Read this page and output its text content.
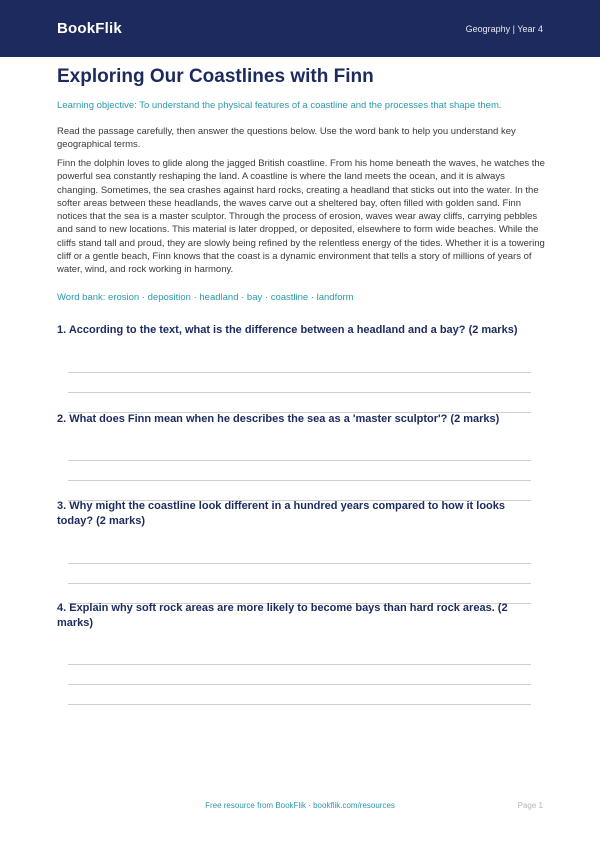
BookFlik	Geography | Year 4
Exploring Our Coastlines with Finn

Learning objective: To understand the physical features of a coastline and the processes that shape them.

Read the passage carefully, then answer the questions below. Use the word bank to help you understand key geographical terms.

Finn the dolphin loves to glide along the jagged British coastline. From his home beneath the waves, he watches the powerful sea constantly reshaping the land. A coastline is where the land meets the ocean, and it is always changing. Sometimes, the sea crashes against hard rocks, creating a headland that sticks out into the water. In the softer areas between these headlands, the waves carve out a sheltered bay, often filled with golden sand. Finn notices that the sea is a master sculptor. Through the process of erosion, waves wear away cliffs, carrying pebbles and sand to new locations. This material is later dropped, or deposited, elsewhere to form wide beaches. While the cliffs stand tall and proud, they are slowly being refined by the relentless energy of the tides. Whether it is a towering cliff or a gentle beach, Finn knows that the coast is a dynamic environment that tells a story of millions of years of water, wind, and rock working in harmony.

Word bank: erosion · deposition · headland · bay · coastline · landform

1. According to the text, what is the difference between a headland and a bay? (2 marks)

2. What does Finn mean when he describes the sea as a 'master sculptor'? (2 marks)

3. Why might the coastline look different in a hundred years compared to how it looks today? (2 marks)

4. Explain why soft rock areas are more likely to become bays than hard rock areas. (2 marks)

Free resource from BookFlik · bookflik.com/resources	Page 1
